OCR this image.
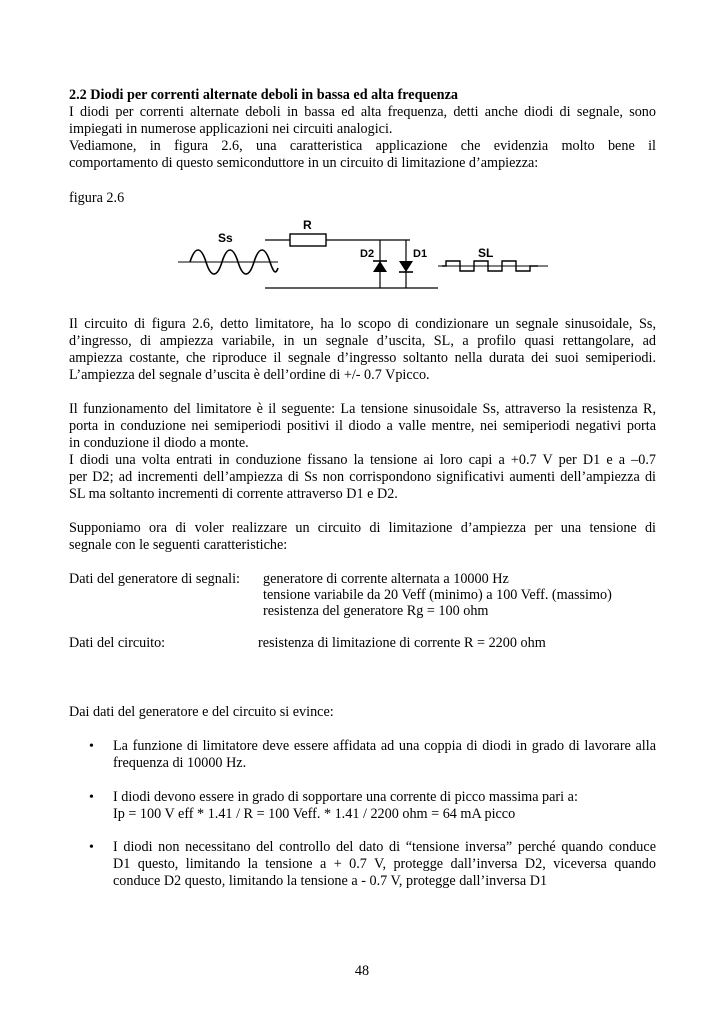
2.2 Diodi per correnti alternate deboli in bassa ed alta frequenza
I diodi per correnti alternate deboli in bassa ed alta frequenza, detti anche diodi di segnale, sono
impiegati in numerose applicazioni nei circuiti analogici.
Vediamone, in figura 2.6, una caratteristica applicazione che evidenzia molto bene il
comportamento di questo semiconduttore in un circuito di limitazione d’ampiezza:
figura 2.6
Ss
R
D2	D1	SL
Il circuito di figura 2.6, detto limitatore, ha lo scopo di condizionare un segnale sinusoidale, Ss,
d’ingresso, di ampiezza variabile, in un segnale d’uscita, SL, a profilo quasi rettangolare, ad
ampiezza costante, che riproduce il segnale d’ingresso soltanto nella durata dei suoi semiperiodi.
L’ampiezza del segnale d’uscita è dell’ordine di +/- 0.7 Vpicco.
Il funzionamento del limitatore è il seguente: La tensione sinusoidale Ss, attraverso la resistenza R,
porta in conduzione nei semiperiodi positivi il diodo a valle mentre, nei semiperiodi negativi porta
in conduzione il diodo a monte.
I diodi una volta entrati in conduzione fissano la tensione ai loro capi a +0.7 V per D1 e a –0.7
per D2; ad incrementi dell’ampiezza di Ss non corrispondono significativi aumenti dell’ampiezza di
SL ma soltanto incrementi di corrente attraverso D1 e D2.
Supponiamo ora di voler realizzare un circuito di limitazione d’ampiezza per una tensione di
segnale con le seguenti caratteristiche:
Dati del generatore di segnali: generatore di corrente alternata a 10000 Hz
tensione variabile da 20 Veff (minimo) a 100 Veff. (massimo)
resistenza del generatore Rg = 100 ohm
Dati del circuito:	resistenza di limitazione di corrente R = 2200 ohm
Dai dati del generatore e del circuito si evince:
• La funzione di limitatore deve essere affidata ad una coppia di diodi in grado di lavorare alla
frequenza di 10000 Hz.
• I diodi devono essere in grado di sopportare una corrente di picco massima pari a:
Ip = 100 V eff * 1.41 / R = 100 Veff. * 1.41 / 2200 ohm = 64 mA picco
• I diodi non necessitano del controllo del dato di “tensione inversa” perché quando conduce
D1 questo, limitando la tensione a + 0.7 V, protegge dall’inversa D2, viceversa quando
conduce D2 questo, limitando la tensione a - 0.7 V, protegge dall’inversa D1
48
